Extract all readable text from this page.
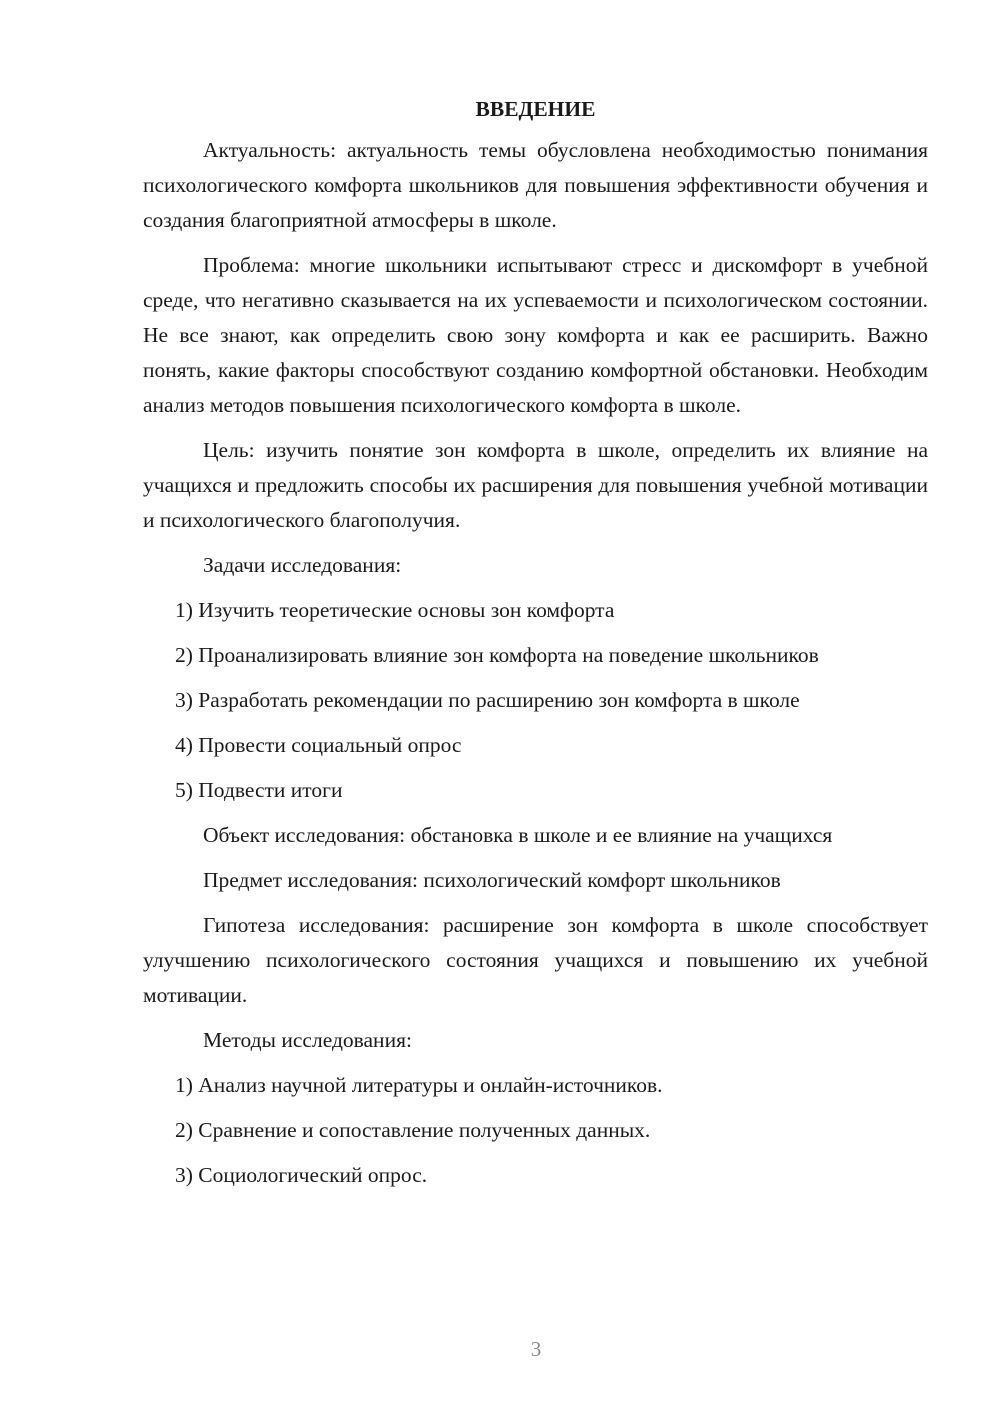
ВВЕДЕНИЕ
Актуальность: актуальность темы обусловлена необходимостью понимания психологического комфорта школьников для повышения эффективности обучения и создания благоприятной атмосферы в школе.
Проблема: многие школьники испытывают стресс и дискомфорт в учебной среде, что негативно сказывается на их успеваемости и психологическом состоянии. Не все знают, как определить свою зону комфорта и как ее расширить. Важно понять, какие факторы способствуют созданию комфортной обстановки. Необходим анализ методов повышения психологического комфорта в школе.
Цель: изучить понятие зон комфорта в школе, определить их влияние на учащихся и предложить способы их расширения для повышения учебной мотивации и психологического благополучия.
Задачи исследования:
1) Изучить теоретические основы зон комфорта
2) Проанализировать влияние зон комфорта на поведение школьников
3) Разработать рекомендации по расширению зон комфорта в школе
4) Провести социальный опрос
5) Подвести итоги
Объект исследования: обстановка в школе и ее влияние на учащихся
Предмет исследования: психологический комфорт школьников
Гипотеза исследования: расширение зон комфорта в школе способствует улучшению психологического состояния учащихся и повышению их учебной мотивации.
Методы исследования:
1) Анализ научной литературы и онлайн-источников.
2) Сравнение и сопоставление полученных данных.
3) Социологический опрос.
3
